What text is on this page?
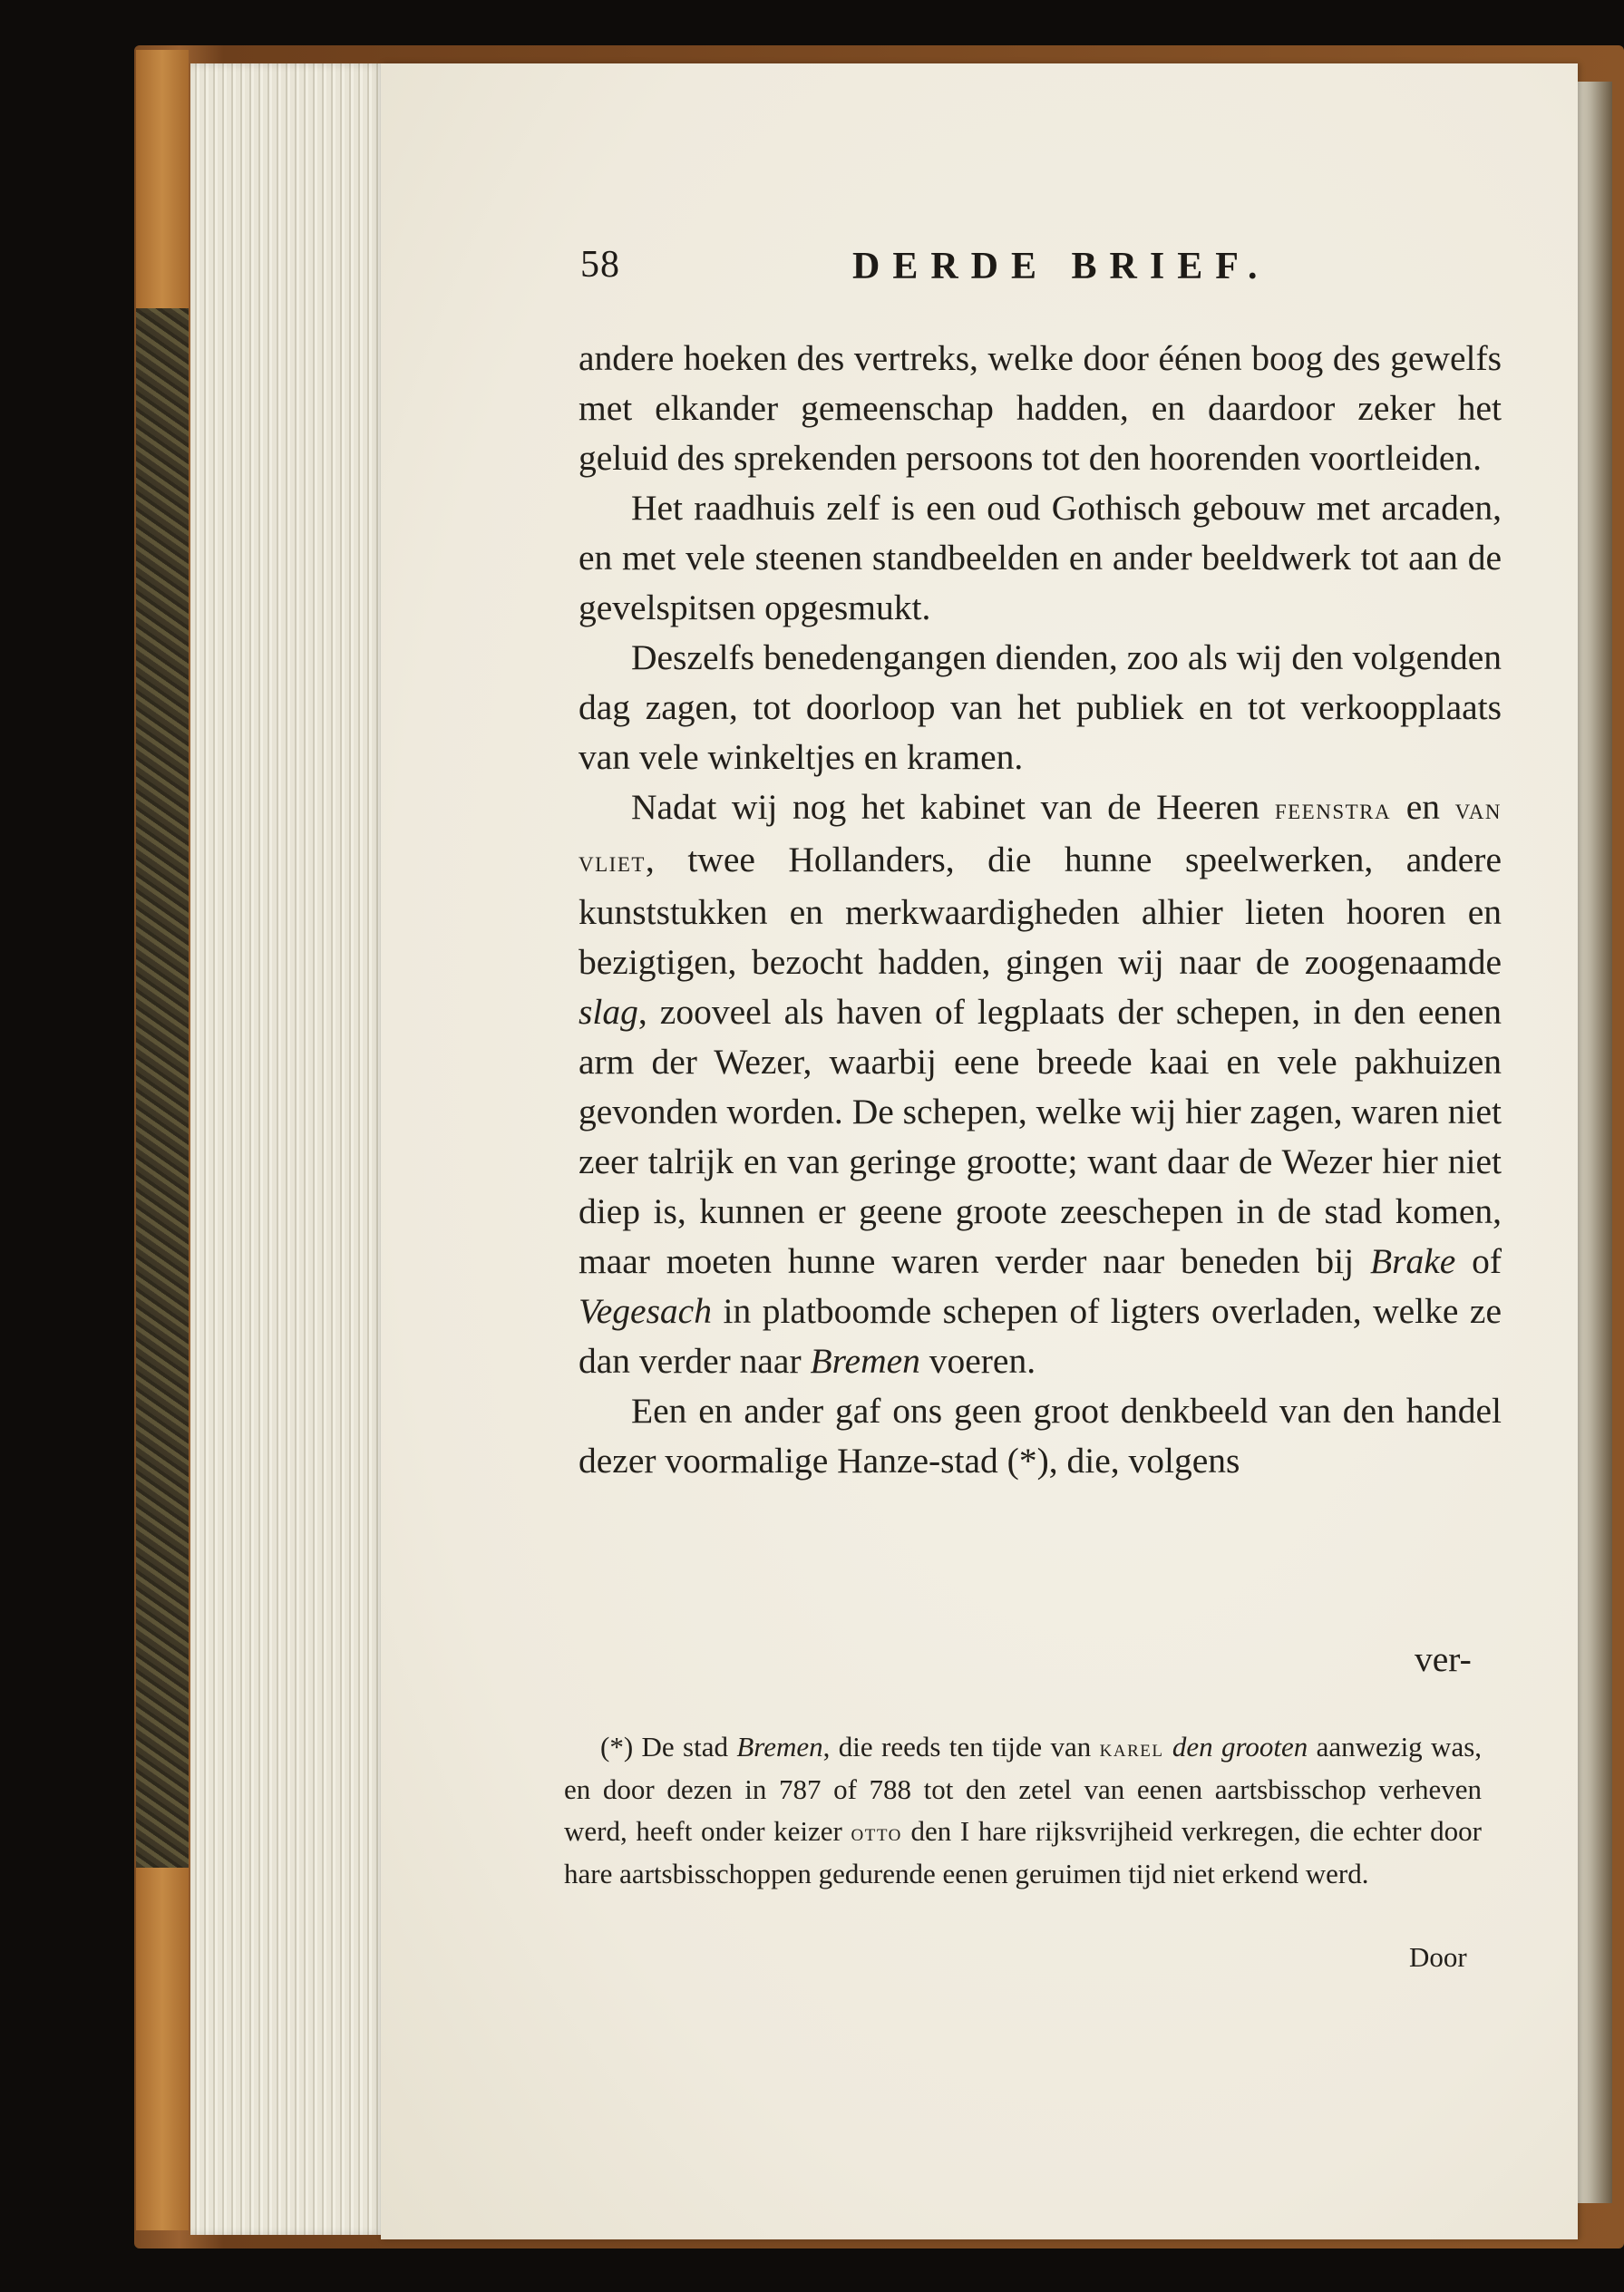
58	DERDE BRIEF.

andere hoeken des vertreks, welke door éénen boog des gewelfs met elkander gemeenschap hadden, en daardoor zeker het geluid des sprekenden persoons tot den hoorenden voortleiden.

Het raadhuis zelf is een oud Gothisch gebouw met arcaden, en met vele steenen standbeelden en ander beeldwerk tot aan de gevelspitsen opgesmukt.

Deszelfs benedengangen dienden, zoo als wij den volgenden dag zagen, tot doorloop van het publiek en tot verkoopplaats van vele winkeltjes en kramen.

Nadat wij nog het kabinet van de Heeren feenstra en van vliet, twee Hollanders, die hunne speelwerken, andere kunststukken en merkwaardigheden alhier lieten hooren en bezigtigen, bezocht hadden, gingen wij naar de zoogenaamde slag, zooveel als haven of legplaats der schepen, in den eenen arm der Wezer, waarbij eene breede kaai en vele pakhuizen gevonden worden. De schepen, welke wij hier zagen, waren niet zeer talrijk en van geringe grootte; want daar de Wezer hier niet diep is, kunnen er geene groote zeeschepen in de stad komen, maar moeten hunne waren verder naar beneden bij Brake of Vegesach in platboomde schepen of ligters overladen, welke ze dan verder naar Bremen voeren.

Een en ander gaf ons geen groot denkbeeld van den handel dezer voormalige Hanze-stad (*), die, volgens

ver-
(*) De stad Bremen, die reeds ten tijde van karel den grooten aanwezig was, en door dezen in 787 of 788 tot den zetel van eenen aartsbisschop verheven werd, heeft onder keizer otto den I hare rijksvrijheid verkregen, die echter door hare aartsbisschoppen gedurende eenen geruimen tijd niet erkend werd.
Door
